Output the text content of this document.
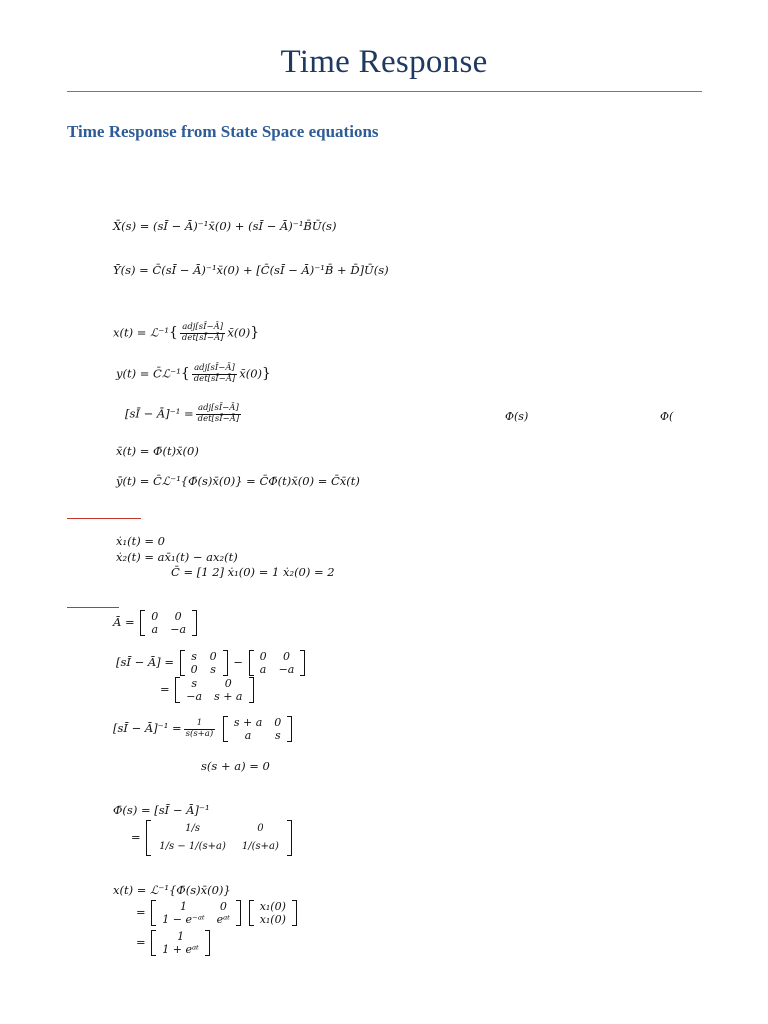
Time Response
Time Response from State Space equations
X̄(s) = (sĪ − Ā)⁻¹x̄(0) + (sĪ − Ā)⁻¹B̄Ū(s)
Ȳ(s) = C̄(sĪ − Ā)⁻¹x̄(0) + [C̄(sĪ − Ā)⁻¹B̄ + D̄]Ū(s)
x(t) = ℒ⁻¹{ $\frac{\text{adj[sĪ−Ā]}}{\det[sĪ-Ā]}$ x̄(0)}
y(t) = C̄ℒ⁻¹{ $\frac{\text{adj[sĪ−Ā]}}{\det[sĪ-Ā]}$ x̄(0)}
[sĪ − Ā]⁻¹ = $\frac{\text{adj[sĪ−Ā]}}{\det[sĪ-Ā]}$	Φ(s)	Φ(
x̄(t) = Φ̄(t)x̄(0)
ȳ(t) = C̄ℒ⁻¹{Φ̄(s)x̄(0)} = C̄Φ̄(t)x̄(0) = C̄x̄(t)
ẋ₁(t) = 0
ẋ₂(t) = ax̄₁(t) − ax₂(t)
C̄ = [1 2] ẋ₁(0) = 1 ẋ₂(0) = 2
Ā = 0	0
a	−a
[sĪ − Ā] = s	0
0	s
− 0	0
a	−a
= s	0
−a	s + a
[sĪ − Ā]⁻¹ = $\frac{1}{s(s+a)}$
s + a	0
a	s
s(s + a) = 0
Φ̄(s) = [sĪ − Ā]⁻¹
=
1/s	0
1/s − 1/(s+a)	1/(s+a)
x(t) = ℒ⁻¹{Φ̄(s)x̄(0)}
=	1	0
1 − e⁻ᵃᵗ	eᵃᵗ

x₁(0)
x₁(0)
=	1
1 + eᵃᵗ
